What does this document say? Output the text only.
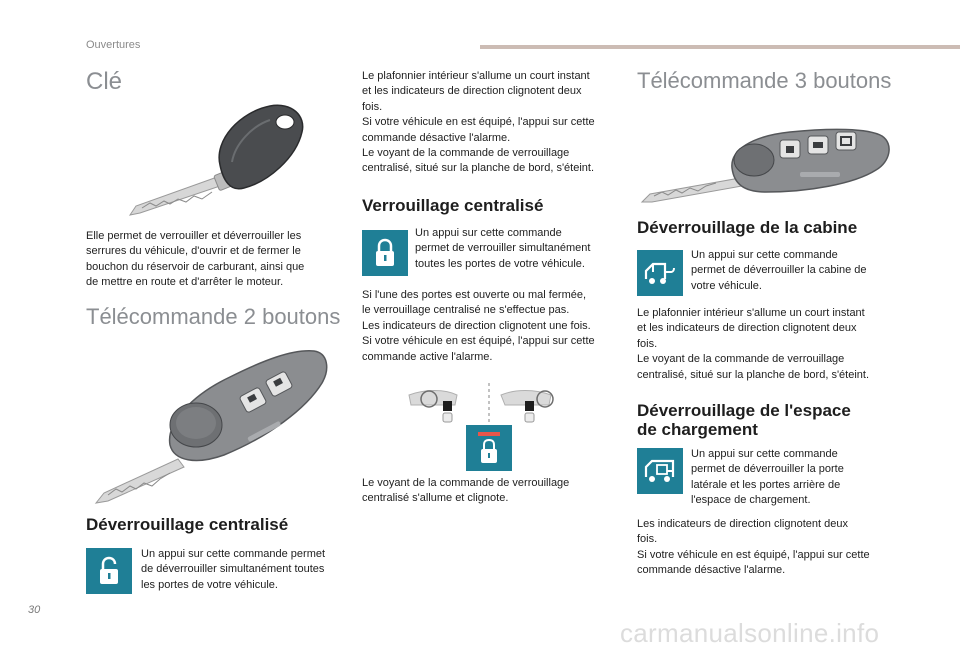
Ouvertures
Clé
Elle permet de verrouiller et déverrouiller les
serrures du véhicule, d'ouvrir et de fermer le
bouchon du réservoir de carburant, ainsi que
de mettre en route et d'arrêter le moteur.
Télécommande 2 boutons
Déverrouillage centralisé
Un appui sur cette commande permet
de déverrouiller simultanément toutes
les portes de votre véhicule.
Le plafonnier intérieur s'allume un court instant
et les indicateurs de direction clignotent deux
fois.
Si votre véhicule en est équipé, l'appui sur cette
commande désactive l'alarme.
Le voyant de la commande de verrouillage
centralisé, situé sur la planche de bord, s'éteint.
Verrouillage centralisé
Un appui sur cette commande
permet de verrouiller simultanément
toutes les portes de votre véhicule.
Si l'une des portes est ouverte ou mal fermée,
le verrouillage centralisé ne s'effectue pas.
Les indicateurs de direction clignotent une fois.
Si votre véhicule en est équipé, l'appui sur cette
commande active l'alarme.
Le voyant de la commande de verrouillage
centralisé s'allume et clignote.
Télécommande 3 boutons
Déverrouillage de la cabine
Un appui sur cette commande
permet de déverrouiller la cabine de
votre véhicule.
Le plafonnier intérieur s'allume un court instant
et les indicateurs de direction clignotent deux
fois.
Le voyant de la commande de verrouillage
centralisé, situé sur la planche de bord, s'éteint.
Déverrouillage de l'espace
de chargement
Un appui sur cette commande
permet de déverrouiller la porte
latérale et les portes arrière de
l'espace de chargement.
Les indicateurs de direction clignotent deux
fois.
Si votre véhicule en est équipé, l'appui sur cette
commande désactive l'alarme.
30
carmanualsonline.info
